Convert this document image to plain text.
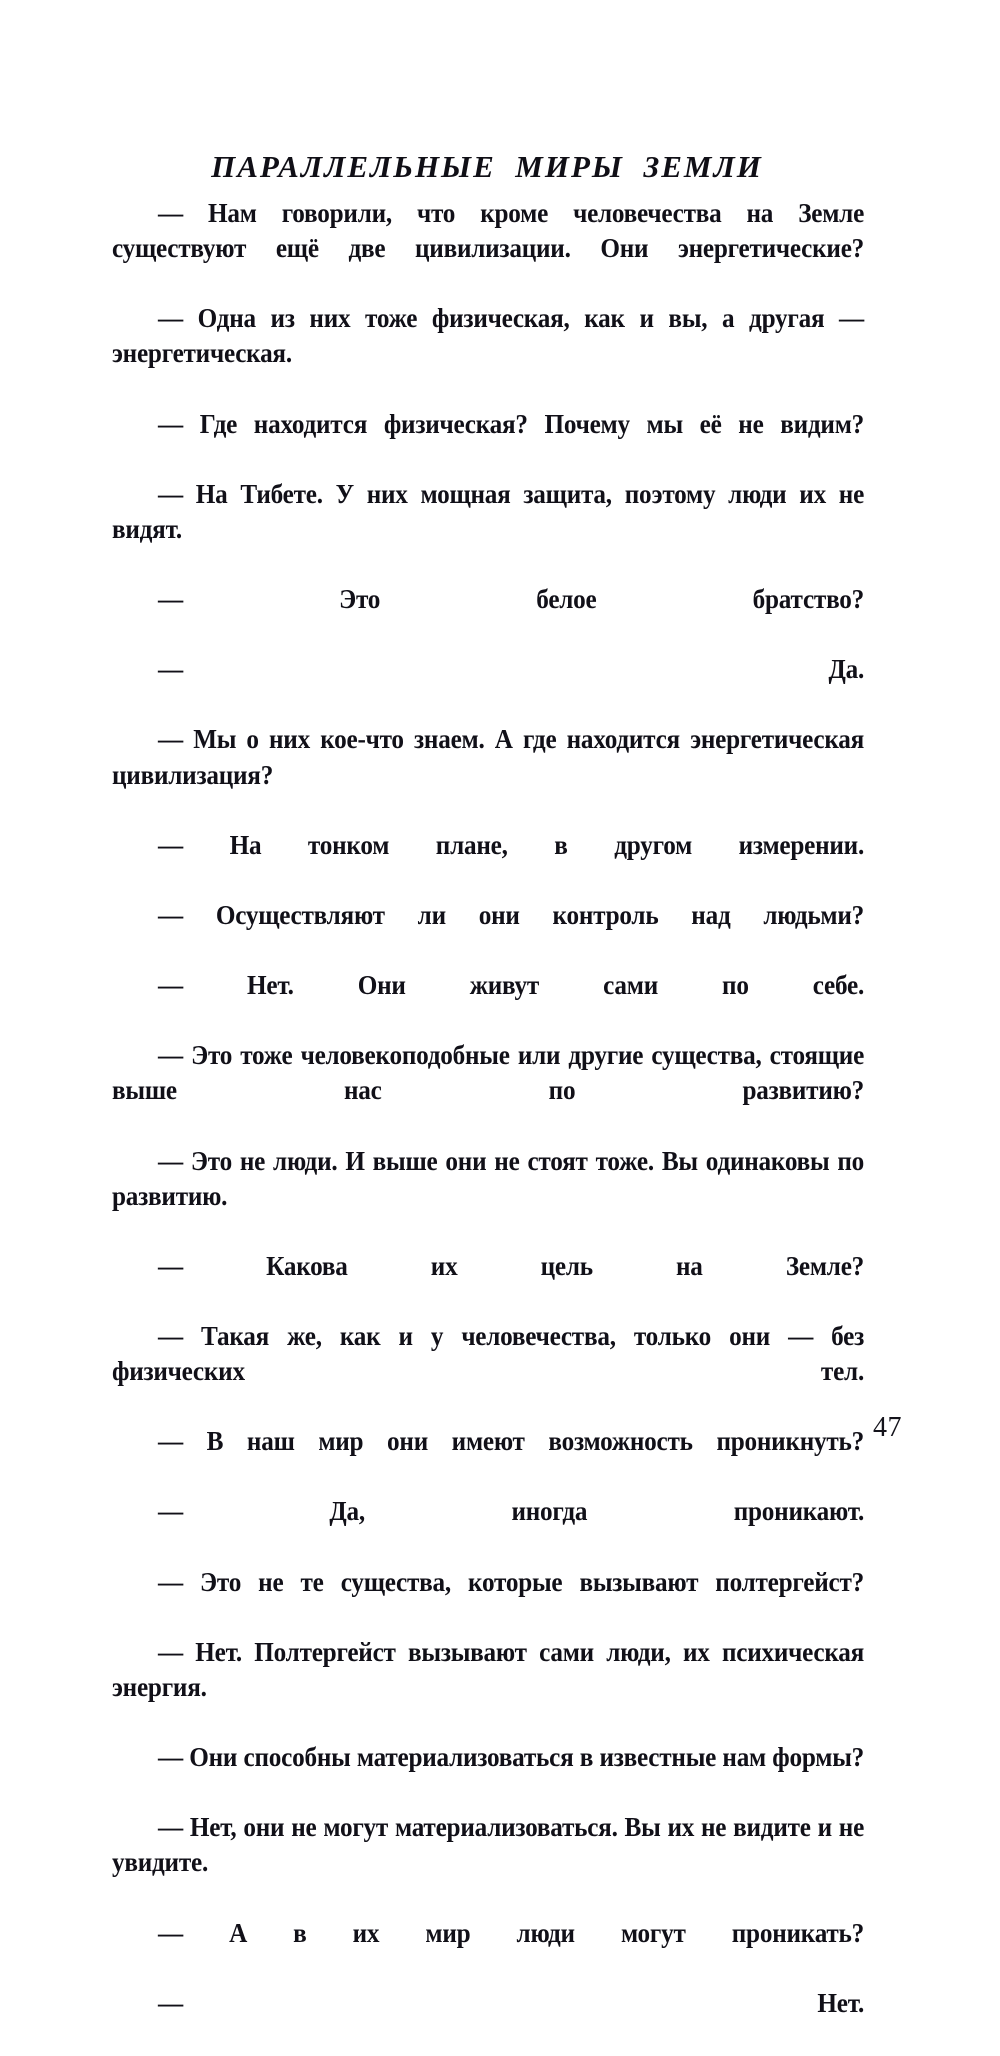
ПАРАЛЛЕЛЬНЫЕ  МИРЫ  ЗЕМЛИ

— Нам говорили, что кроме человечества на Земле существуют ещё две цивилизации. Они энергетические?

— Одна из них тоже физическая, как и вы, а другая — энергетическая.

— Где находится физическая? Почему мы её не видим?

— На Тибете. У них мощная защита, поэтому люди их не видят.

— Это белое братство?

— Да.

— Мы о них кое-что знаем. А где находится энергетическая цивилизация?

— На тонком плане, в другом измерении.

— Осуществляют ли они контроль над людьми?

— Нет. Они живут сами по себе.

— Это тоже человекоподобные или другие существа, стоящие выше нас по развитию?

— Это не люди. И выше они не стоят тоже. Вы одинаковы по развитию.

— Какова их цель на Земле?

— Такая же, как и у человечества, только они — без физических тел.

— В наш мир они имеют возможность проникнуть?

— Да, иногда проникают.

— Это не те существа, которые вызывают полтергейст?

— Нет. Полтергейст вызывают сами люди, их психическая энергия.

— Они способны материализоваться в известные нам формы?

— Нет, они не могут материализоваться. Вы их не видите и не увидите.

— А в их мир люди могут проникать?

— Нет.

47
